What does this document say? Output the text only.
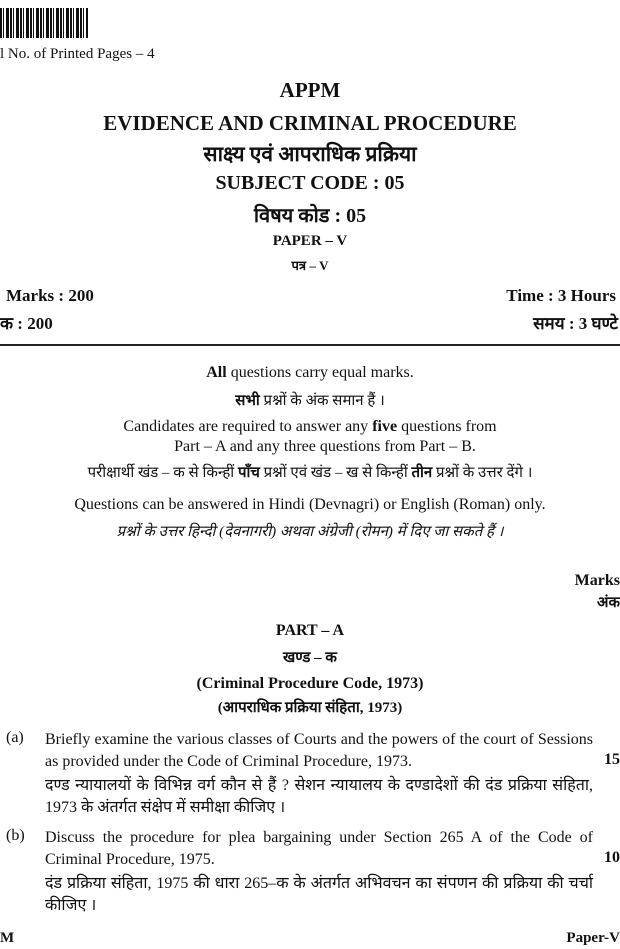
l No. of Printed Pages – 4
APPM
EVIDENCE AND CRIMINAL PROCEDURE
साक्ष्य एवं आपराधिक प्रक्रिया
SUBJECT CODE : 05
विषय कोड : 05
PAPER – V
पत्र – V
Marks : 200
क : 200
Time : 3 Hours
समय : 3 घण्टे
All questions carry equal marks.
सभी प्रश्नों के अंक समान हैं ।
Candidates are required to answer any five questions from
Part – A and any three questions from Part – B.
परीक्षार्थी खंड – क से किन्हीं पाँच प्रश्नों एवं खंड – ख से किन्हीं तीन प्रश्नों के उत्तर देंगे ।
Questions can be answered in Hindi (Devnagri) or English (Roman) only.
प्रश्नों के उत्तर हिन्दी (देवनागरी) अथवा अंग्रेजी (रोमन) में दिए जा सकते हैं ।
Marks
अंक
PART – A
खण्ड – क
(Criminal Procedure Code, 1973)
(आपराधिक प्रक्रिया संहिता, 1973)
(a) Briefly examine the various classes of Courts and the powers of the court of Sessions as provided under the Code of Criminal Procedure, 1973.
दण्ड न्यायालयों के विभिन्न वर्ग कौन से हैं ? सेशन न्यायालय के दण्डादेशों की दंड प्रक्रिया संहिता, 1973 के अंतर्गत संक्षेप में समीक्षा कीजिए ।
15
(b) Discuss the procedure for plea bargaining under Section 265 A of the Code of Criminal Procedure, 1975.
दंड प्रक्रिया संहिता, 1975 की धारा 265–क के अंतर्गत अभिवचन का संपणन की प्रक्रिया की चर्चा कीजिए ।
10
M	Paper-V
